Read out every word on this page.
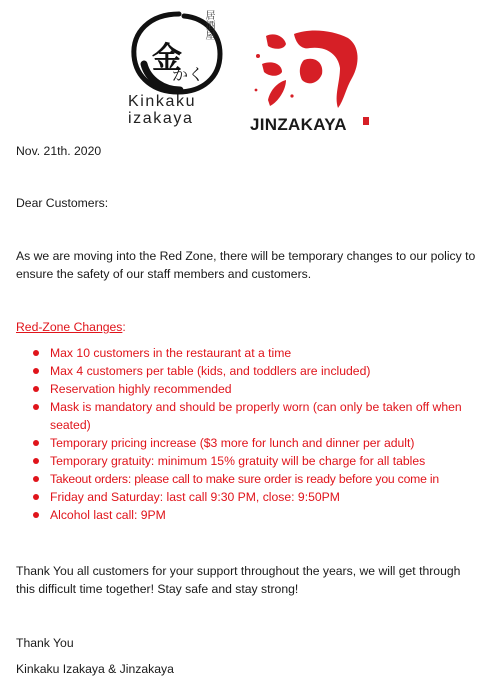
金
かく
居酒屋
Kinkaku
izakaya	JINZAKAYA

Nov. 21th. 2020

Dear Customers:

As we are moving into the Red Zone, there will be temporary changes to our policy to ensure the safety of our staff members and customers.

Red-Zone Changes:

Max 10 customers in the restaurant at a time
Max 4 customers per table (kids, and toddlers are included)
Reservation highly recommended
Mask is mandatory and should be properly worn (can only be taken off when seated)
Temporary pricing increase ($3 more for lunch and dinner per adult)
Temporary gratuity: minimum 15% gratuity will be charge for all tables
Takeout orders: please call to make sure order is ready before you come in
Friday and Saturday: last call 9:30 PM, close: 9:50PM
Alcohol last call: 9PM

Thank You all customers for your support throughout the years, we will get through this difficult time together! Stay safe and stay strong!

Thank You

Kinkaku Izakaya & Jinzakaya
